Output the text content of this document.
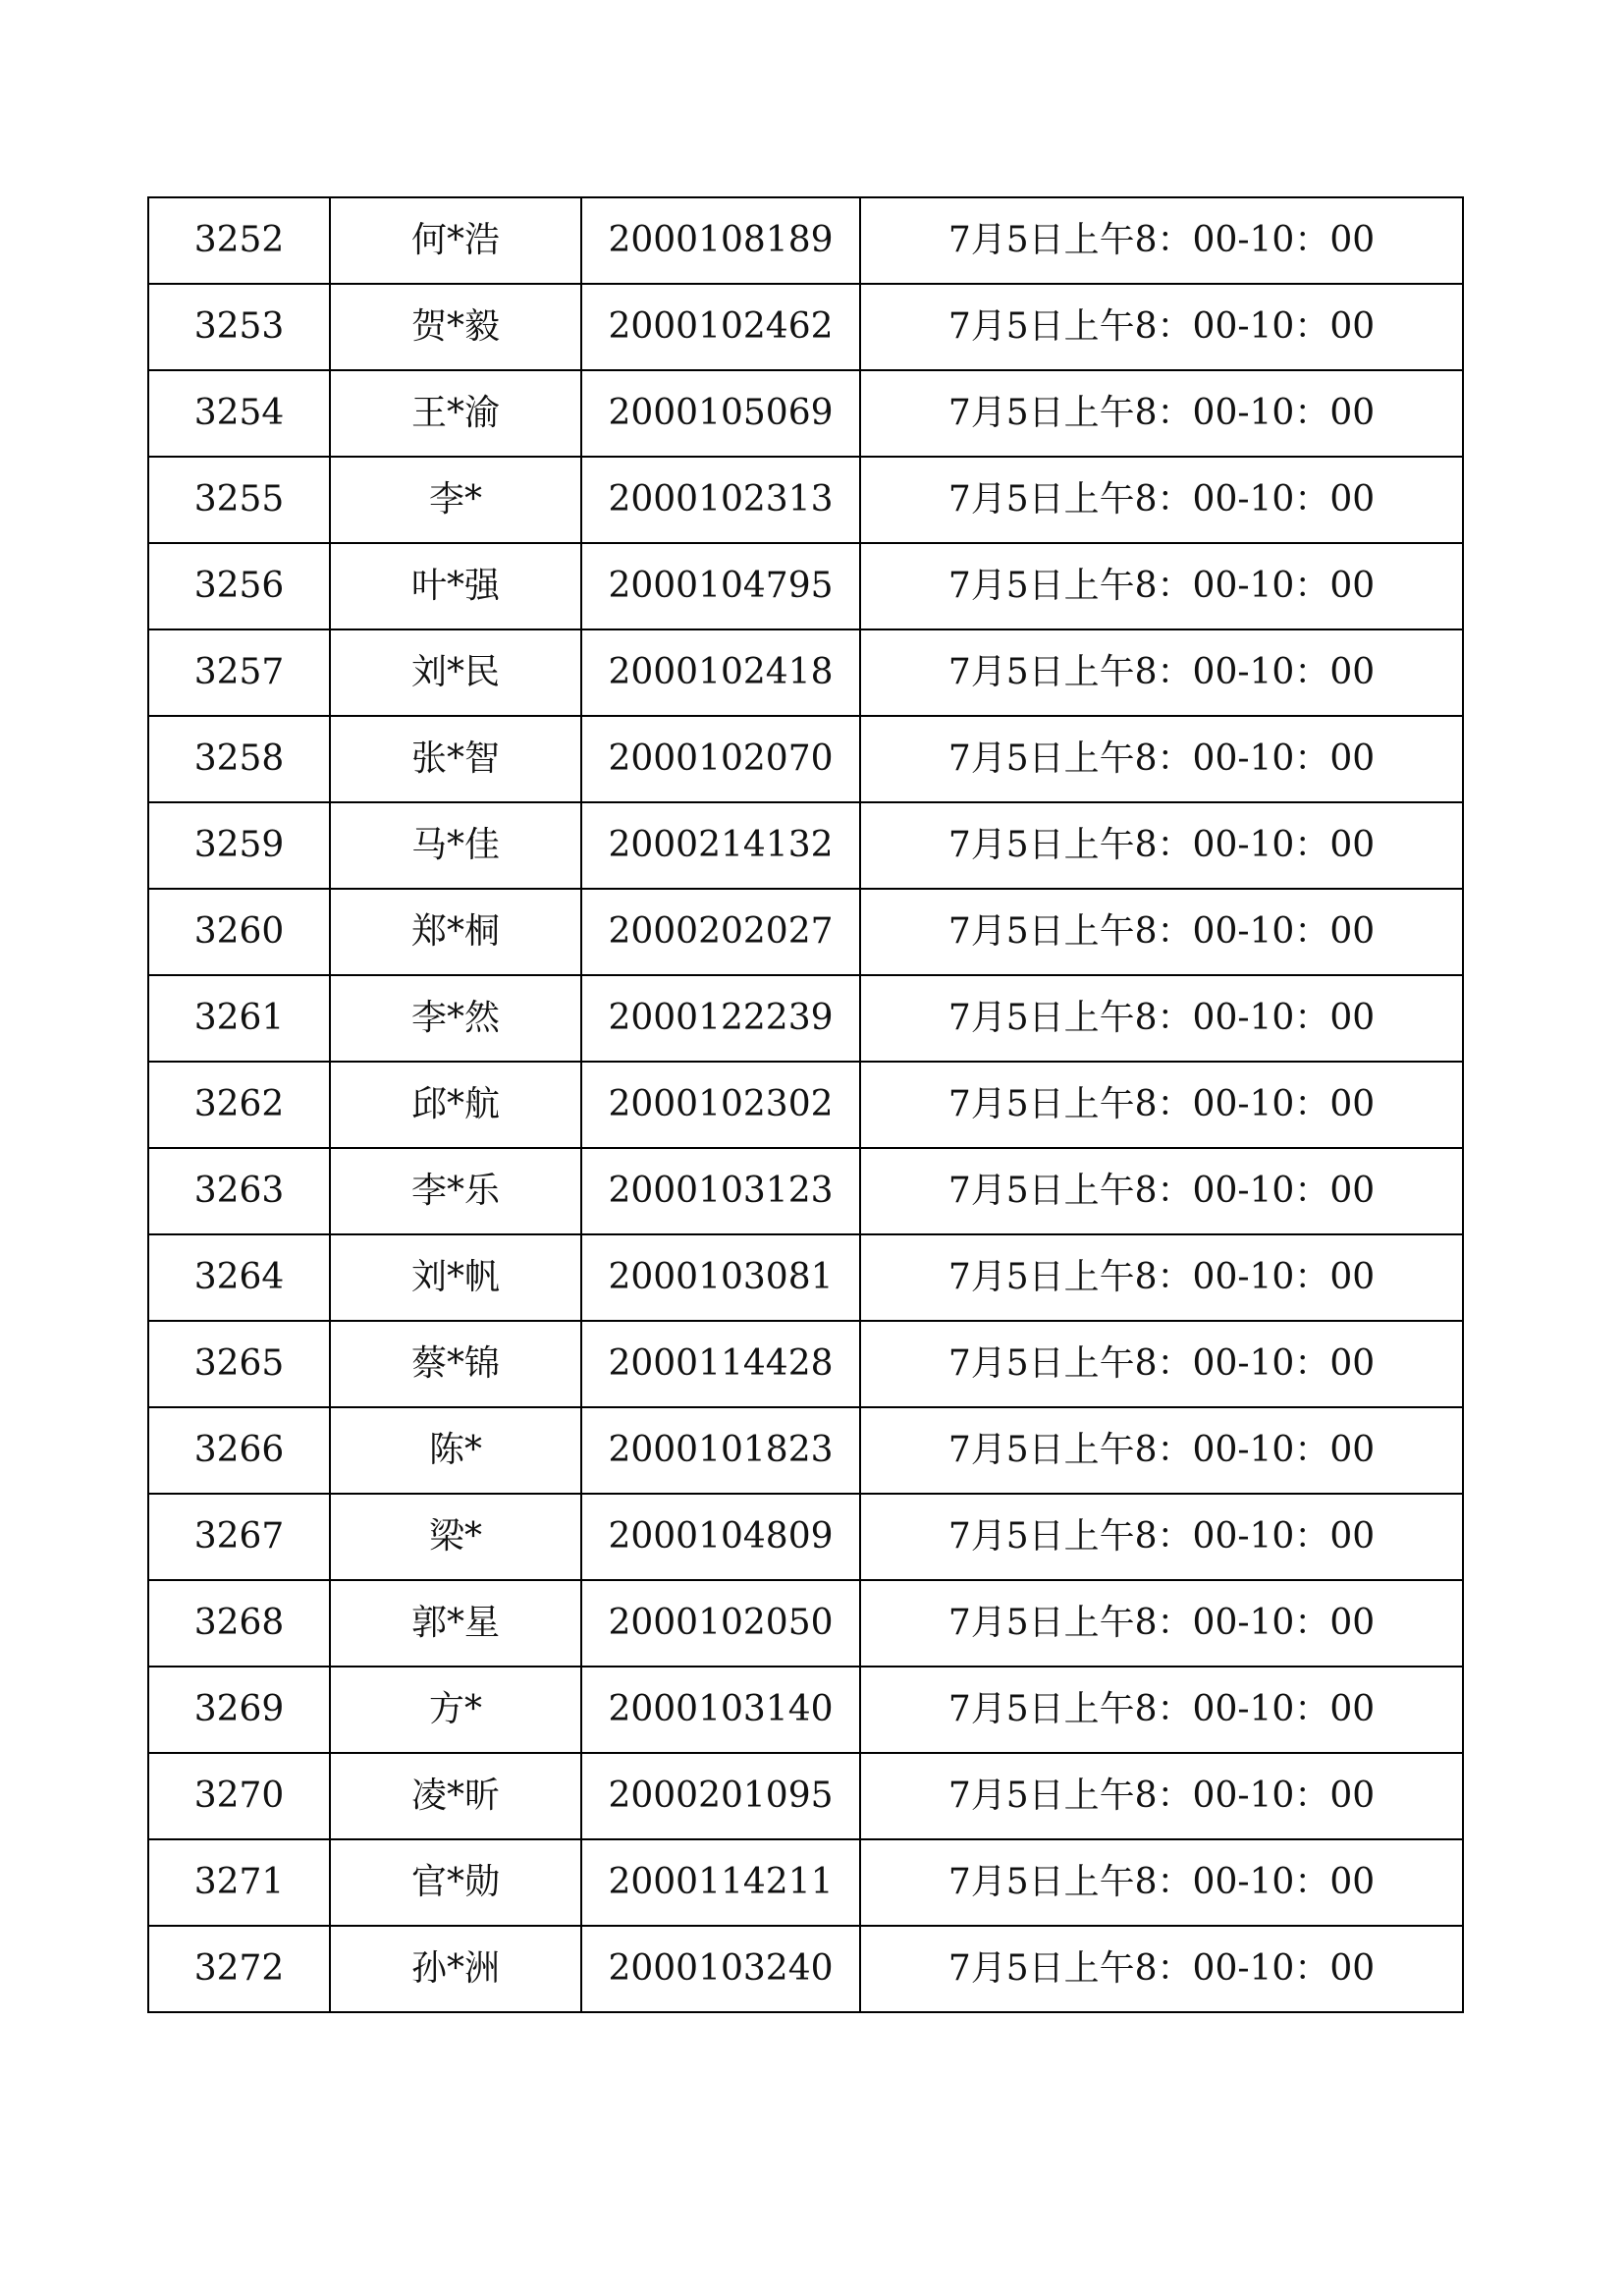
3252	何*浩	2000108189	7月5日上午8：00-10：00
3253	贺*毅	2000102462	7月5日上午8：00-10：00
3254	王*渝	2000105069	7月5日上午8：00-10：00
3255	李*	2000102313	7月5日上午8：00-10：00
3256	叶*强	2000104795	7月5日上午8：00-10：00
3257	刘*民	2000102418	7月5日上午8：00-10：00
3258	张*智	2000102070	7月5日上午8：00-10：00
3259	马*佳	2000214132	7月5日上午8：00-10：00
3260	郑*桐	2000202027	7月5日上午8：00-10：00
3261	李*然	2000122239	7月5日上午8：00-10：00
3262	邱*航	2000102302	7月5日上午8：00-10：00
3263	李*乐	2000103123	7月5日上午8：00-10：00
3264	刘*帆	2000103081	7月5日上午8：00-10：00
3265	蔡*锦	2000114428	7月5日上午8：00-10：00
3266	陈*	2000101823	7月5日上午8：00-10：00
3267	梁*	2000104809	7月5日上午8：00-10：00
3268	郭*星	2000102050	7月5日上午8：00-10：00
3269	方*	2000103140	7月5日上午8：00-10：00
3270	凌*昕	2000201095	7月5日上午8：00-10：00
3271	官*勋	2000114211	7月5日上午8：00-10：00
3272	孙*洲	2000103240	7月5日上午8：00-10：00
